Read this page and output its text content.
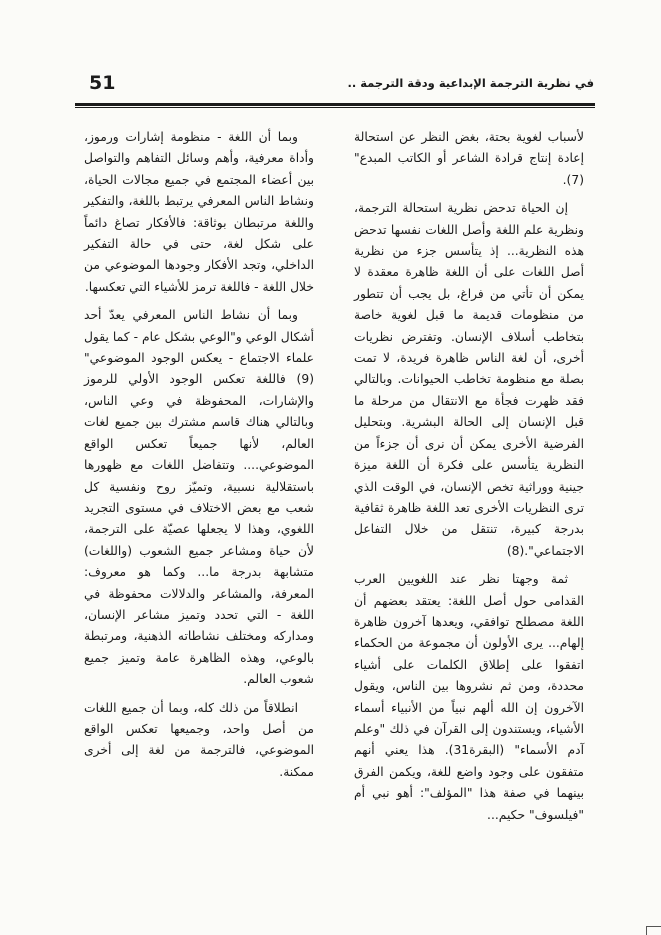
51	في نظرية الترجمة الإبداعية ودقة الترجمة ..

لأسباب لغوية بحتة، بغض النظر عن استحالة إعادة إنتاج قرادة الشاعر أو الكاتب المبدع"(7).

إن الحياة تدحض نظرية استحالة الترجمة، ونظرية علم اللغة وأصل اللغات نفسها تدحض هذه النظرية... إذ يتأسس جزء من نظرية أصل اللغات على أن اللغة ظاهرة معقدة لا يمكن أن تأتي من فراغ، بل يجب أن تتطور من منظومات قديمة ما قبل لغوية خاصة بتخاطب أسلاف الإنسان. وتفترض نظريات أخرى، أن لغة الناس ظاهرة فريدة، لا تمت بصلة مع منظومة تخاطب الحيوانات. وبالتالي فقد ظهرت فجأة مع الانتقال من مرحلة ما قبل الإنسان إلى الحالة البشرية. وبتحليل الفرضية الأخرى يمكن أن نرى أن جزءاً من النظرية يتأسس على فكرة أن اللغة ميزة جينية ووراثية تخص الإنسان، في الوقت الذي ترى النظريات الأخرى تعد اللغة ظاهرة ثقافية بدرجة كبيرة، تنتقل من خلال التفاعل الاجتماعي".(8)

ثمة وجهتا نظر عند اللغويين العرب القدامى حول أصل اللغة: يعتقد بعضهم أن اللغة مصطلح توافقي، ويعدها آخرون ظاهرة إلهام... يرى الأولون أن مجموعة من الحكماء اتفقوا على إطلاق الكلمات على أشياء محددة، ومن ثم نشروها بين الناس، ويقول الآخرون إن الله ألهم نبياً من الأنبياء أسماء الأشياء، ويستندون إلى القرآن في ذلك "وعلم آدم الأسماء" (البقرة31). هذا يعني أنهم متفقون على وجود واضع للغة، ويكمن الفرق بينهما في صفة هذا "المؤلف": أهو نبي أم "فيلسوف" حكيم...

وبما أن اللغة - منظومة إشارات ورموز، وأداة معرفية، وأهم وسائل التفاهم والتواصل بين أعضاء المجتمع في جميع مجالات الحياة، ونشاط الناس المعرفي يرتبط باللغة، والتفكير واللغة مرتبطان بوثاقة: فالأفكار تصاغ دائماً على شكل لغة، حتى في حالة التفكير الداخلي، وتجد الأفكار وجودها الموضوعي من خلال اللغة - فاللغة ترمز للأشياء التي تعكسها.

وبما أن نشاط الناس المعرفي يعدّ أحد أشكال الوعي و"الوعي بشكل عام - كما يقول علماء الاجتماع - يعكس الوجود الموضوعي"(9) فاللغة تعكس الوجود الأولي للرموز والإشارات، المحفوظة في وعي الناس، وبالتالي هناك قاسم مشترك بين جميع لغات العالم، لأنها جميعاً تعكس الواقع الموضوعي.... وتتفاضل اللغات مع ظهورها باستقلالية نسبية، وتميّز روح ونفسية كل شعب مع بعض الاختلاف في مستوى التجريد اللغوي، وهذا لا يجعلها عصيّة على الترجمة، لأن حياة ومشاعر جميع الشعوب (واللغات) متشابهة بدرجة ما... وكما هو معروف: المعرفة، والمشاعر والدلالات محفوظة في اللغة - التي تحدد وتميز مشاعر الإنسان، ومداركه ومختلف نشاطاته الذهنية، ومرتبطة بالوعي، وهذه الظاهرة عامة وتميز جميع شعوب العالم.

انطلاقاً من ذلك كله، وبما أن جميع اللغات من أصل واحد، وجميعها تعكس الواقع الموضوعي، فالترجمة من لغة إلى أخرى ممكنة.
